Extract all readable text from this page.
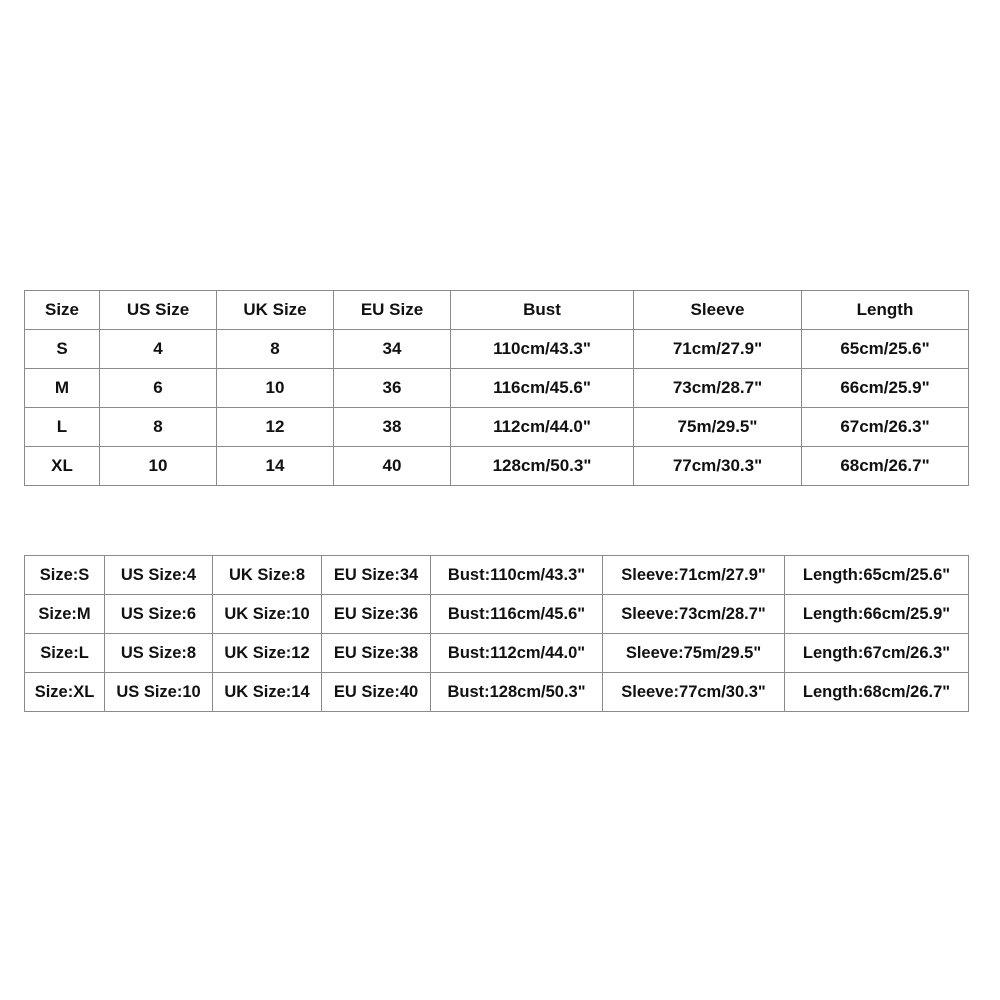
Size	US Size	UK Size	EU Size	Bust	Sleeve	Length
S	4	8	34	110cm/43.3"	71cm/27.9"	65cm/25.6"
M	6	10	36	116cm/45.6"	73cm/28.7"	66cm/25.9"
L	8	12	38	112cm/44.0"	75m/29.5"	67cm/26.3"
XL	10	14	40	128cm/50.3"	77cm/30.3"	68cm/26.7"
Size:S	US Size:4	UK Size:8	EU Size:34	Bust:110cm/43.3"	Sleeve:71cm/27.9"	Length:65cm/25.6"
Size:M	US Size:6	UK Size:10	EU Size:36	Bust:116cm/45.6"	Sleeve:73cm/28.7"	Length:66cm/25.9"
Size:L	US Size:8	UK Size:12	EU Size:38	Bust:112cm/44.0"	Sleeve:75m/29.5"	Length:67cm/26.3"
Size:XL	US Size:10	UK Size:14	EU Size:40	Bust:128cm/50.3"	Sleeve:77cm/30.3"	Length:68cm/26.7"
